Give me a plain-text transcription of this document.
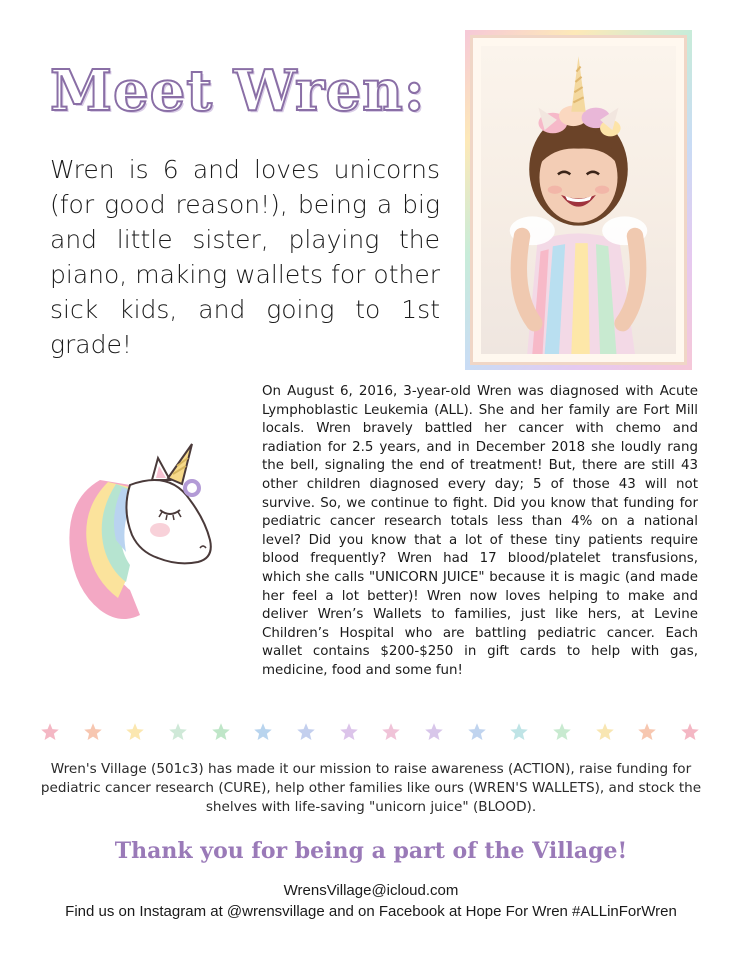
Meet Wren:
Wren is 6 and loves unicorns (for good reason!), being a big and little sister, playing the piano, making wallets for other sick kids, and going to 1st grade!
On August 6, 2016, 3-year-old Wren was diagnosed with Acute Lymphoblastic Leukemia (ALL). She and her family are Fort Mill locals. Wren bravely battled her cancer with chemo and radiation for 2.5 years, and in December 2018 she loudly rang the bell, signaling the end of treatment! But, there are still 43 other children diagnosed every day; 5 of those 43 will not survive. So, we continue to fight. Did you know that funding for pediatric cancer research totals less than 4% on a national level? Did you know that a lot of these tiny patients require blood frequently? Wren had 17 blood/platelet transfusions, which she calls "UNICORN JUICE" because it is magic (and made her feel a lot better)! Wren now loves helping to make and deliver Wren’s Wallets to families, just like hers, at Levine Children’s Hospital who are battling pediatric cancer. Each wallet contains $200-$250 in gift cards to help with gas, medicine, food and some fun!
Wren's Village (501c3) has made it our mission to raise awareness (ACTION), raise funding for pediatric cancer research (CURE), help other families like ours (WREN'S WALLETS), and stock the shelves with life-saving "unicorn juice" (BLOOD).
Thank you for being a part of the Village!
WrensVillage@icloud.com
Find us on Instagram at @wrensvillage and on Facebook at Hope For Wren #ALLinForWren
